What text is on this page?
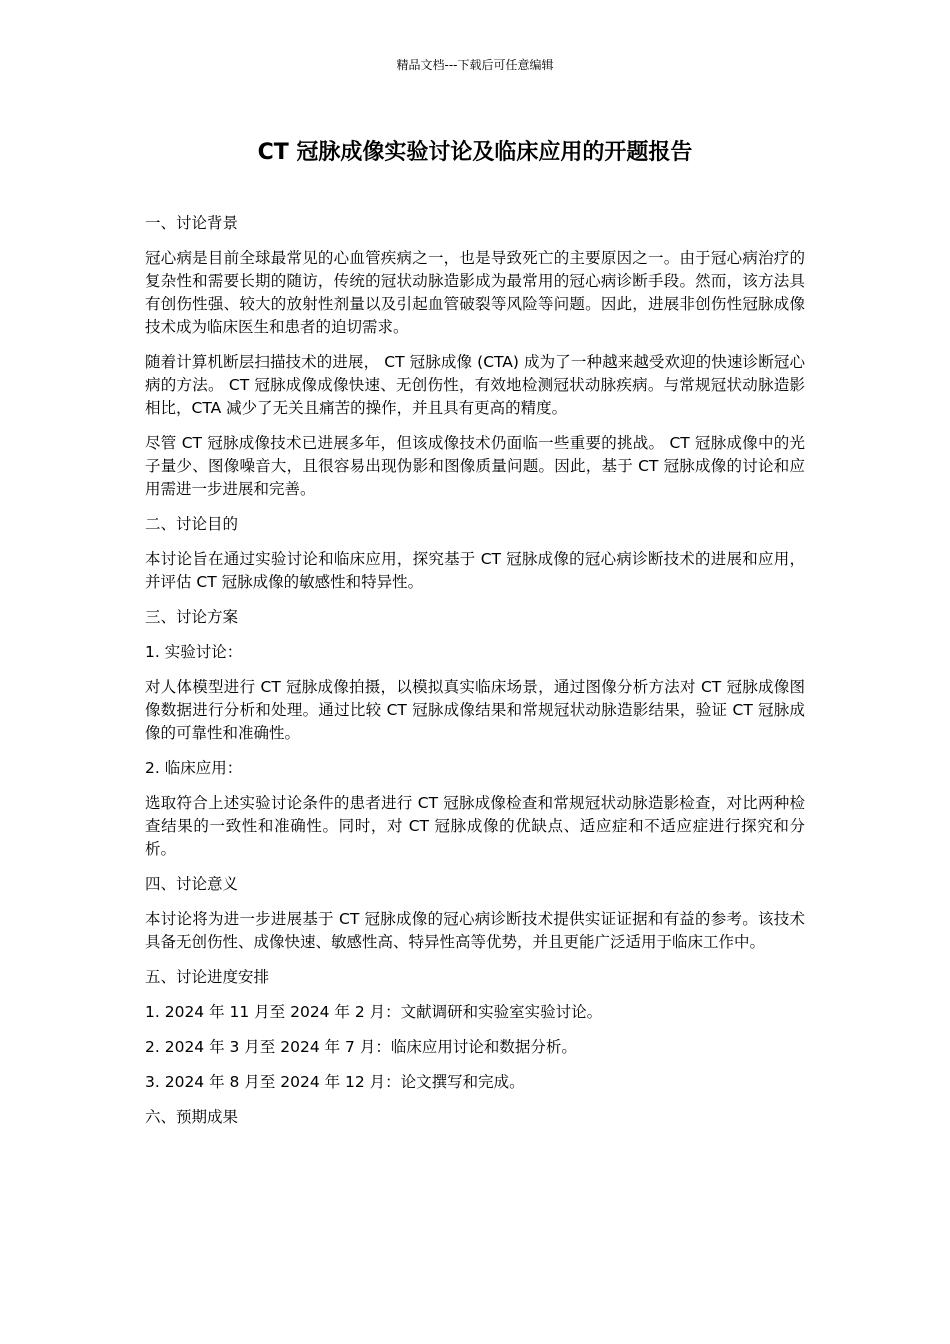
精品文档---下载后可任意编辑
CT 冠脉成像实验讨论及临床应用的开题报告

一、讨论背景

冠心病是目前全球最常见的心血管疾病之一，也是导致死亡的主要原因之一。由于冠心病治疗的复杂性和需要长期的随访，传统的冠状动脉造影成为最常用的冠心病诊断手段。然而，该方法具有创伤性强、较大的放射性剂量以及引起血管破裂等风险等问题。因此，进展非创伤性冠脉成像技术成为临床医生和患者的迫切需求。

随着计算机断层扫描技术的进展， CT 冠脉成像 (CTA) 成为了一种越来越受欢迎的快速诊断冠心病的方法。 CT 冠脉成像成像快速、无创伤性，有效地检测冠状动脉疾病。与常规冠状动脉造影相比，CTA 减少了无关且痛苦的操作，并且具有更高的精度。

尽管 CT 冠脉成像技术已进展多年，但该成像技术仍面临一些重要的挑战。 CT 冠脉成像中的光子量少、图像噪音大，且很容易出现伪影和图像质量问题。因此，基于 CT 冠脉成像的讨论和应用需进一步进展和完善。

二、讨论目的

本讨论旨在通过实验讨论和临床应用，探究基于 CT 冠脉成像的冠心病诊断技术的进展和应用，并评估 CT 冠脉成像的敏感性和特异性。

三、讨论方案

1. 实验讨论：

对人体模型进行 CT 冠脉成像拍摄，以模拟真实临床场景，通过图像分析方法对 CT 冠脉成像图像数据进行分析和处理。通过比较 CT 冠脉成像结果和常规冠状动脉造影结果，验证 CT 冠脉成像的可靠性和准确性。

2. 临床应用：

选取符合上述实验讨论条件的患者进行 CT 冠脉成像检查和常规冠状动脉造影检查，对比两种检查结果的一致性和准确性。同时，对 CT 冠脉成像的优缺点、适应症和不适应症进行探究和分析。

四、讨论意义

本讨论将为进一步进展基于 CT 冠脉成像的冠心病诊断技术提供实证证据和有益的参考。该技术具备无创伤性、成像快速、敏感性高、特异性高等优势，并且更能广泛适用于临床工作中。

五、讨论进度安排

1. 2024 年 11 月至 2024 年 2 月：文献调研和实验室实验讨论。

2. 2024 年 3 月至 2024 年 7 月：临床应用讨论和数据分析。

3. 2024 年 8 月至 2024 年 12 月：论文撰写和完成。

六、预期成果
